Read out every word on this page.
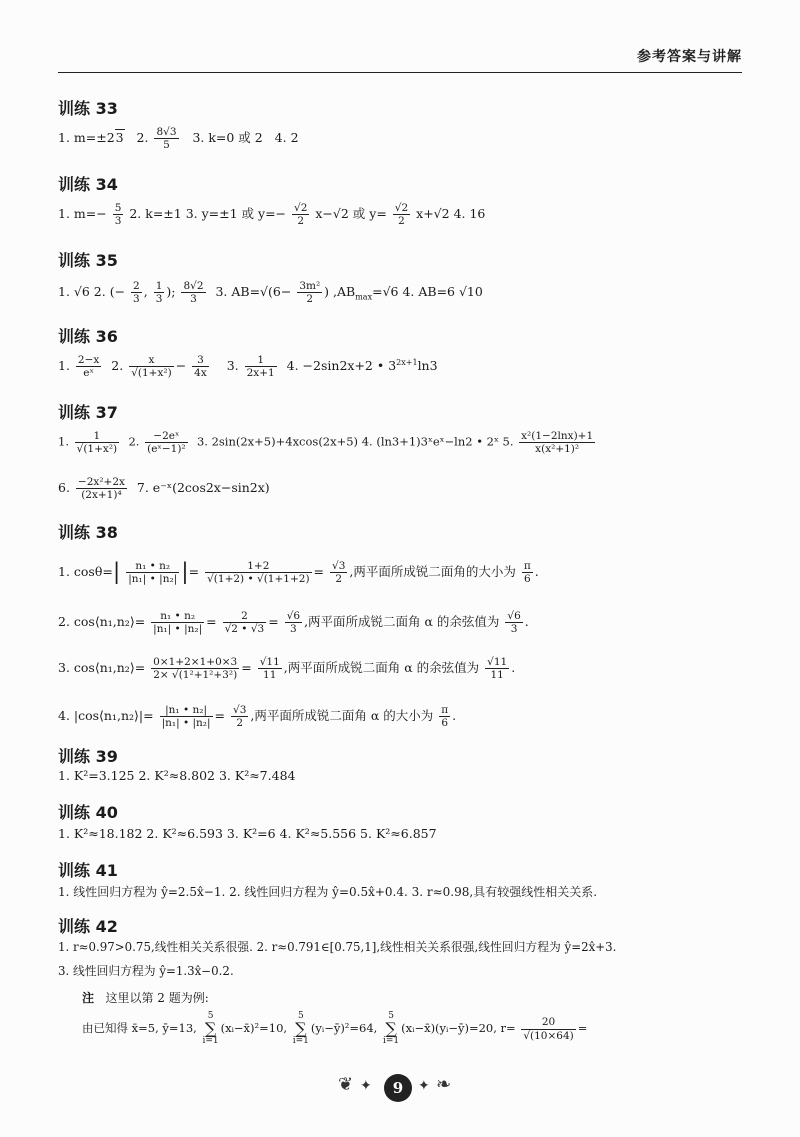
参考答案与讲解
训练 33
1. m=±23 2. $\frac{8√3}{5} 3$. k=0 或 2 4. 2
训练 34
1. $m=- \frac{5}{3} 2$. k=±1 3. y=±1 或 $y=- \frac{√2}{2} x-√2$ 或 $y= \frac{√2}{2} x+√2$ 4. 16
训练 35
1. √6 2. (− $\frac{2}{3}$ , $\frac{1}{3}$ ); $\frac{8√2}{3} 3$. $AB=√(6- \frac{\text{3m²}}{2}$ ) $,AB_{max}=√6$ 4. AB=6 √10
训练 36
1. $\frac{2-x}{\text{eˣ}} 2$. $\frac{x}{\text{√(1+x²)}} - \frac{3}{4x} 3$. $\frac{1}{2x+1} 4$. −2sin2x+2 • $3^{2x+1}\ln 3$
训练 37
1. $\frac{1}{\text{√(1+x²)}} 2$. $\frac{\text{−2eˣ}}{\text{(eˣ−1)²}} 3$. 2sin(2x+5)+4xcos(2x+5) 4. (ln3+1)3ˣeˣ−ln2 • 2ˣ 5. $\frac{\text{x²(1−2lnx)+1}}{\text{x(x²+1)²}}$
6. $\frac{\text{−2x²+2x}}{\text{(2x+1)⁴}} 7$. e⁻ˣ(2cos2x−sin2x)
训练 38
1. $\cos\theta=| \frac{\text{n₁ • n₂}}{\text{|n₁| • |n₂|}}$ |= $\frac{1+2}{√(1+2) • √(1+1+2)} = \frac{√3}{2}$ ,两平面所成锐二面角的大小为 $\frac{\pi}{6}$ .
2. cos⟨n₁,n₂⟩= $\frac{\text{n₁ • n₂}}{\text{|n₁| • |n₂|}} = \frac{2}{√2 • √3} = \frac{√6}{3}$ ,两平面所成锐二面角 α 的余弦值为 $\frac{√6}{3}$ .
3. cos⟨n₁,n₂⟩= $\frac{0\times 1+2\times 1+0\times 3}{\text{2× √(1²+1²+3²)}} = \frac{√11}{11}$ ,两平面所成锐二面角 α 的余弦值为 $\frac{√11}{11}$ .
4. |cos⟨n₁,n₂⟩|= $\frac{\text{|n₁ • n₂|}}{\text{|n₁| • |n₂|}} = \frac{√3}{2}$ ,两平面所成锐二面角 α 的大小为 $\frac{\pi}{6}$ .
训练 39
1. K²=3.125 2. K²≈8.802 3. K²≈7.484
训练 40
1. K²≈18.182 2. K²≈6.593 3. K²=6 4. K²≈5.556 5. K²≈6.857
训练 41
1. 线性回归方程为 ŷ=2.5x̂−1. 2. 线性回归方程为 ŷ=0.5x̂+0.4. 3. r≈0.98,具有较强线性相关关系.
训练 42
1. r≈0.97>0.75,线性相关关系很强. 2. r≈0.791∈[0.75,1],线性相关关系很强,线性回归方程为 ŷ=2x̂+3.
3. 线性回归方程为 ŷ=1.3x̂−0.2.
注 这里以第 2 题为例:
由已知得 x̄=5, ȳ=13, 5
∑
i=1(xᵢ−x̄)²=10, 5
∑
i=1(yᵢ−ȳ)²=64, 5
∑
i=1(xᵢ−x̄)(yᵢ−ȳ)=20, $r= \frac{20}{√(10\times 64)}$ =
❦ ✦	9	✦ ❧
